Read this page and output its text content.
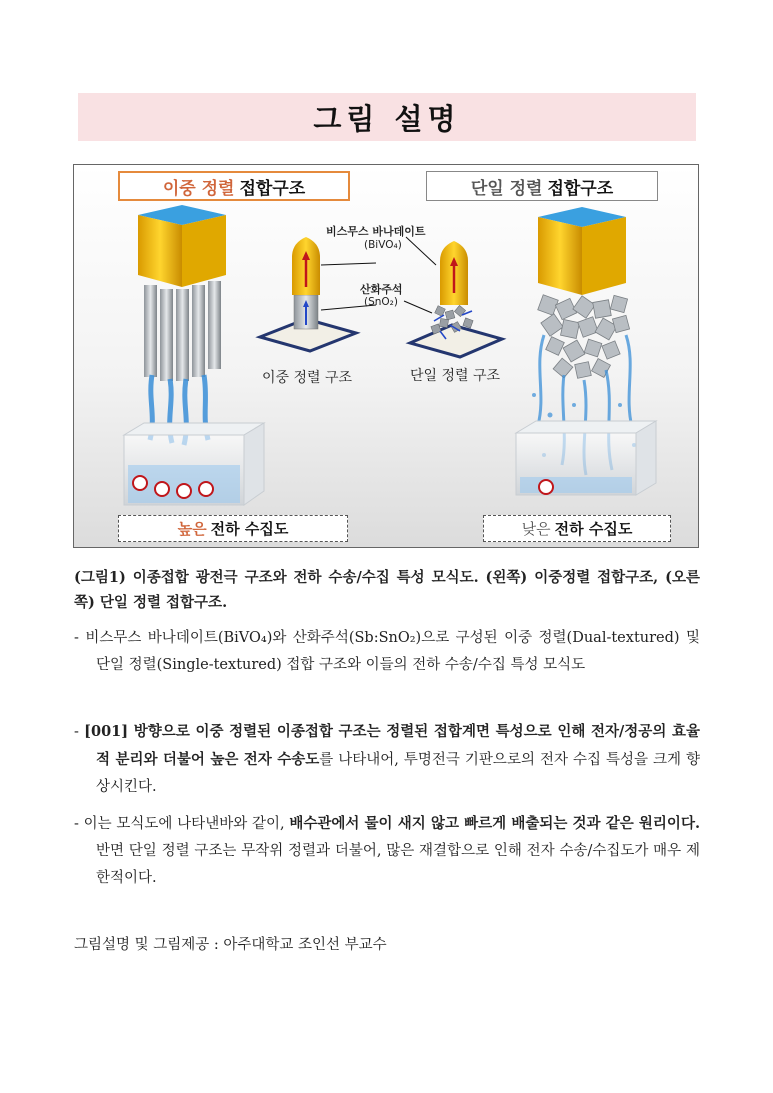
그림 설명
이중 정렬 접합구조	단일 정렬 접합구조
비스무스 바나데이트
(BiVO₄)
산화주석
(SnO₂)
이중 정렬 구조	단일 정렬 구조
높은 전하 수집도	낮은 전하 수집도
(그림1) 이종접합 광전극 구조와 전하 수송/수집 특성 모식도. (왼쪽) 이중정렬 접합구조, (오른쪽) 단일 정렬 접합구조.
- 비스무스 바나데이트(BiVO₄)와 산화주석(Sb:SnO₂)으로 구성된 이중 정렬(Dual-textured) 및 단일 정렬(Single-textured) 접합 구조와 이들의 전하 수송/수집 특성 모식도
- [001] 방향으로 이중 정렬된 이종접합 구조는 정렬된 접합계면 특성으로 인해 전자/정공의 효율적 분리와 더불어 높은 전자 수송도를 나타내어, 투명전극 기판으로의 전자 수집 특성을 크게 향상시킨다.
- 이는 모식도에 나타낸바와 같이, 배수관에서 물이 새지 않고 빠르게 배출되는 것과 같은 원리이다. 반면 단일 정렬 구조는 무작위 정렬과 더불어, 많은 재결합으로 인해 전자 수송/수집도가 매우 제한적이다.
그림설명 및 그림제공 : 아주대학교 조인선 부교수
